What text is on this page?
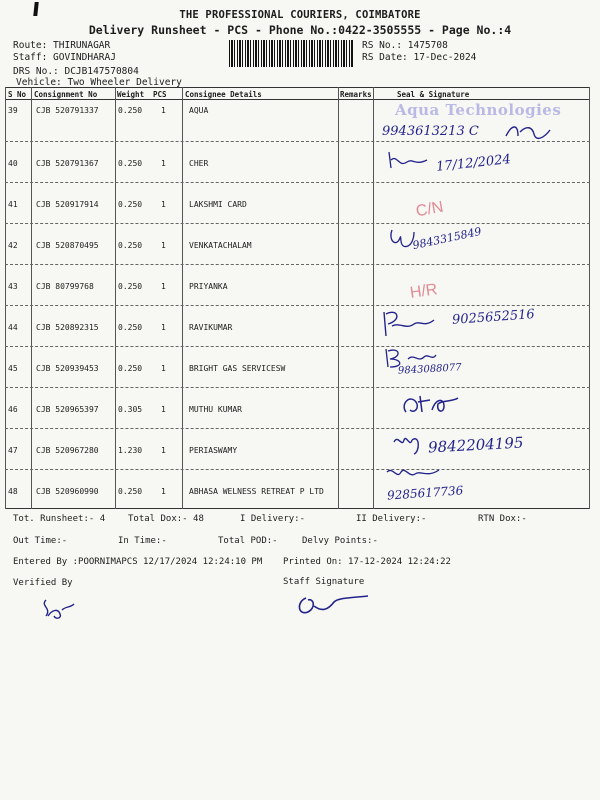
THE PROFESSIONAL COURIERS, COIMBATORE
Delivery Runsheet - PCS - Phone No.:0422-3505555 - Page No.:4
Route: THIRUNAGAR
Staff: GOVINDHARAJ
DRS No.: DCJB147570804
Vehicle: Two Wheeler Delivery
RS No.: 1475708
RS Date: 17-Dec-2024
S No Consignment No	Weight PCS Consignee Details	Remarks	Seal & Signature
39 CJB 520791337 0.250 1	AQUA
40 CJB 520791367 0.250 1	CHER
41 CJB 520917914 0.250 1	LAKSHMI CARD
42 CJB 520870495 0.250 1	VENKATACHALAM
43 CJB 80799768	0.250 1	PRIYANKA
44 CJB 520892315 0.250 1	RAVIKUMAR
45 CJB 520939453 0.250 1	BRIGHT GAS SERVICESW
46 CJB 520965397 0.305 1	MUTHU KUMAR
47 CJB 520967280 1.230 1	PERIASWAMY
48 CJB 520960990 0.250 1	ABHASA WELNESS RETREAT P LTD
Aqua Technologies
9943613213 C
17/12/2024
C/N
9843315849
H/R
9025652516
9843088077
9842204195
9285617736
Tot. Runsheet:- 4	Total Dox:- 48	I Delivery:-	II Delivery:-	RTN Dox:-
Out Time:-	In Time:-	Total POD:-	Delvy Points:-
Entered By :POORNIMAPCS 12/17/2024 12:24:10 PM Printed On: 17-12-2024 12:24:22
Verified By	Staff Signature
